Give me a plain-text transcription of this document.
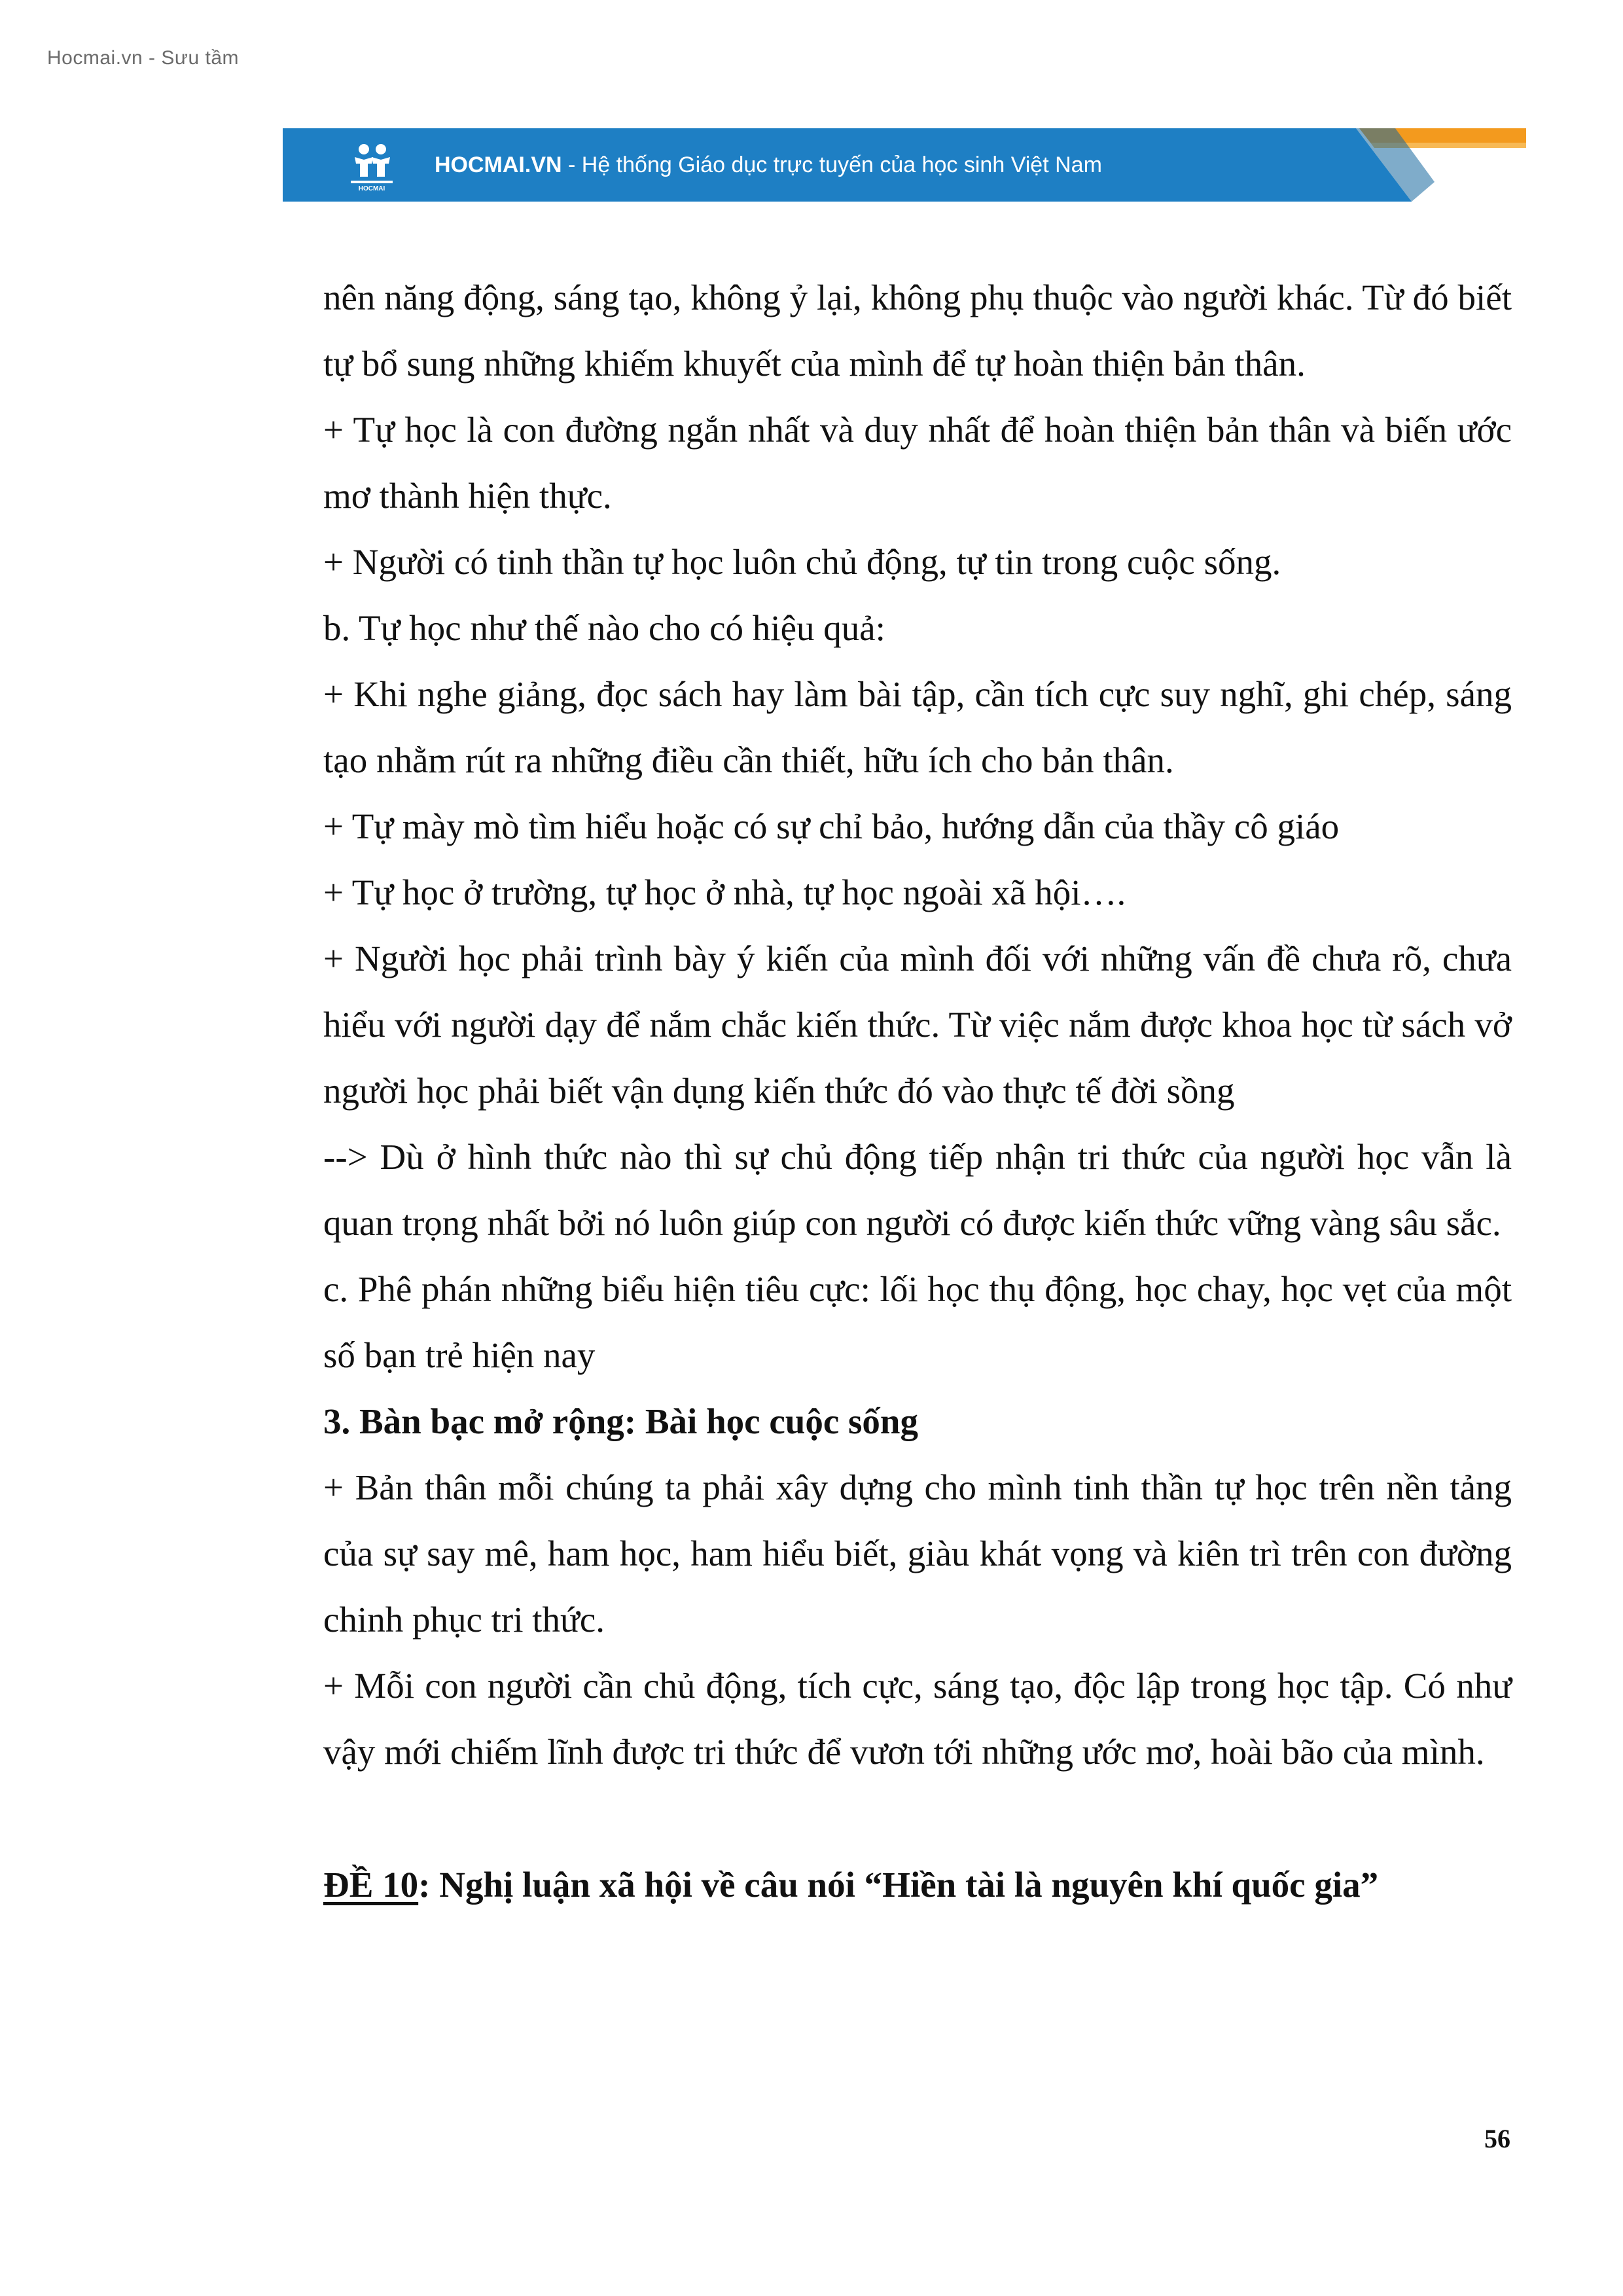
Hocmai.vn - Sưu tầm
HOCMAI
HOCMAI.VN - Hệ thống Giáo dục trực tuyến của học sinh Việt Nam

nên năng động, sáng tạo, không ỷ lại, không phụ thuộc vào người khác. Từ đó biết tự bổ sung những khiếm khuyết của mình để tự hoàn thiện bản thân.

+ Tự học là con đường ngắn nhất và duy nhất để hoàn thiện bản thân và biến ước mơ thành hiện thực.

+ Người có tinh thần tự học luôn chủ động, tự tin trong cuộc sống.

b. Tự học như thế nào cho có hiệu quả:

+ Khi nghe giảng, đọc sách hay làm bài tập, cần tích cực suy nghĩ, ghi chép, sáng tạo nhằm rút ra những điều cần thiết, hữu ích cho bản thân.

+ Tự mày mò tìm hiểu hoặc có sự chỉ bảo, hướng dẫn của thầy cô giáo

+ Tự học ở trường, tự học ở nhà, tự học ngoài xã hội….

+ Người học phải trình bày ý kiến của mình đối với những vấn đề chưa rõ, chưa hiểu với người dạy để nắm chắc kiến thức. Từ việc nắm được khoa học từ sách vở người học phải biết vận dụng kiến thức đó vào thực tế đời sồng

--> Dù ở hình thức nào thì sự chủ động tiếp nhận tri thức của người học vẫn là quan trọng nhất bởi nó luôn giúp con người có được kiến thức vững vàng sâu sắc.

c. Phê phán những biểu hiện tiêu cực: lối học thụ động, học chay, học vẹt của một số bạn trẻ hiện nay

3. Bàn bạc mở rộng: Bài học cuộc sống

+ Bản thân mỗi chúng ta phải xây dựng cho mình tinh thần tự học trên nền tảng của sự say mê, ham học, ham hiểu biết, giàu khát vọng và kiên trì trên con đường chinh phục tri thức.

+ Mỗi con người cần chủ động, tích cực, sáng tạo, độc lập trong học tập. Có như vậy mới chiếm lĩnh được tri thức để vươn tới những ước mơ, hoài bão của mình.

ĐỀ 10: Nghị luận xã hội về câu nói “Hiền tài là nguyên khí quốc gia”

56
